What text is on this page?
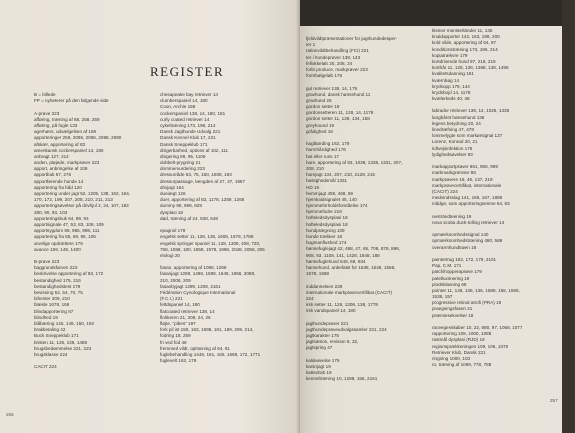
REGISTER
B = billede
FP = nyheterer på den følgende side
A-prøve 223
afføring, træning af 68, 258, 259
afføring, på fugle 133
agerhøns, udvælgelsen af 169
apporteringer 259, 2096, 2096, 2098, 2080
afskær, apportering af 83
amerikansk cockerspaniel 14, 180
anbragt 127, 214
anden, pløjede, markprøver 223
apport, anbringelse af 109
apportbuk 57, 276
apportførende hunde 14
apportering fra båd 120
apportering under jagt 52, 1205, 138, 162, 164,
170, 172, 199, 207, 208, 210, 211, 213
apporteringsøvelser på drivhjul 2, 24, 107, 183
280, 90, 93, 103
apporteringsbuk 64, 89, 94
apportsignale 47, 53, 83, 108, 109
apportsygdom 98, 985, 998, 111
apportering fra 65, 69, 95, 106
arvelige opdrættere 179
avance 159, 149, 1400
B-prøve 223
baggrundsfarven 223
beskrivelse apportering af 83, 172
bestandighed 175, 216
bestandighedstest 179
bevisning 52, 54, 70, 75
bihenter 209, 210
blæsle 1678, 168
blindapportering 87
blindhed 19
blåbæring 145, 149, 150, 192
brakbetaling 42
Buck Sneppeklub 171
bristen 11, 128, 136, 1488
brugsbedømmelse 221, 223
brugsklasse 224
CACIT 224
chesapeake bay retriever 14
clumberspaniel 14, 180
Coon, Archie 158
cockerspaniel 138, 14, 180, 181
curly coated retriever 14
cykeltræning 173, 196, 214
Dansk Jagthunde Udvalg 221
Dansk Kennel Klub 17, 221
Dansk Sneppeklub 171
dirigerbarhed, options af 102, 111
dirigering 89, 95, 1109
dobbelt-prygning 21
dommervurdering 223
dressurråde 63, 75, 160, 1608, 193
dressurpassage, længden af 27, 37, 1967
drivjagt 154
dueiægt 126
duer, apportering af 83, 1178, 1259, 1268
dummy 68, 698, 828
dysplasi 18
død, træning af 24, 638, 648
epagnol 179
engelsk setter 11, 128, 136, 1608, 1678, 1788
engelsk springer spaniel 11, 128, 1308, 408, 720,
758, 1088, 180, 1858, 1978, 1998, 2048, 2058, 206
etologi 20
fasan, apportering af 1088, 1299
fasanjagt 1298, 1488, 1598, 1648, 1658, 2088,
210, 2008, 209
fasanbyjagt 1299, 1208, 2161
Fédération Cynologique International
(F.C.I.) 221
feltdspaniel 14, 180
flatcoated retriever 138, 14
flokkeren 21, 208, 24, 26
fløjte, "pibes" 197
fork pil ist 150, 163, 1698, 181, 189, 209, 214,
fodring 18, 259
fri ved fod 48
fremmed vildt, optræning af 64, 81
fuglebehandling 1448, 161, 165, 1698, 172, 1771
fuglevelt 162, 179
256
fjeldvildtpræsentationer for jagthundedesper-
ter 1
rationvildtbehandling (FCI) 221
ter i hundeprøver 138, 143
fellokkeløb 20, 208, 24
forbi produce, markprøver 223
formbølgeløb 176
gul retriever 138, 14, 179
gravhund, dansk hønsehund 11
gravhund 26
gordon setter 18
gordonsetteren 11, 128, 14, 1178
gordon setter 11, 128, 134, 158
greyhound 19
grådighed 18
haglbørding 162, 179
harmhårdighed 176
hat eller runs 17
hare, apportering af 83, 1038, 1338, 1331, 207,
208, 210
harejagt 134, 207, 210, 2128, 215
hastighedsmål 1331
HD 18
hemmjagt 459, 468, 69
hjemkaldsignalet 45, 140
hjemmeforholdsforståelse 174
hjemmefodre 218
hofteledsdysplasi 18
hofteledsdysplasi 18
hundprægning 109
hunde trækker 18
hugmanflushed 174
hønsefuglejagt 42, 468, 47, 65, 708, 878, 898,
908, 93, 1108, 141, 1428, 1848, 188
hønsefuglehuvd 648, 68, 834
hønsehund, anbefalet for 1538, 1548, 1558,
1578, 1588
inddannelsen 239
internationale markprøvecertifikat (CACIT)
224
irsk setter 11, 128, 1308, 138, 1778
irsk vandspaniel 14, 180
jagthundeprøver 221
jagthundeprøveudvalgssamler 221, 224
jagtkarakter 175
jagtsæson, revision 6, 32,
jagtspring 47
kaldeøvelse 179
kaninjagt 19
kattedrab 19
kenneltræning 10, 1299, 156, 2161
kleiner münsterländer 11, 136
knaldapporter 142, 163, 199, 200
kold vilde, apportering af 64, 87
konditionstræning 173, 196, 214
kopiatrækvre 179
kortdrivende hund 97, 219, 219
korthår 11, 128, 136, 1368, 138, 1498
kvalitetsdanning 161
kværnbøg 14
krydsopp 179, 144
krydsbojd 14, 1178
kvælerkeds 40, 48
labrador retriever 138, 14, 1028, 1338
langhåret hønsehund 136
legens betydning 20, 24
linedræfning 47, 478
lommelygte som markørsignal 127
Lorenz, Konrad 20, 21
luftvejsinfektion 176
lydighedsøvelser 93
markapportprøver 961, 958, 999
markmarkgrænser 86
markprøvere 18, 46, 137, 219
markprøvecertifikat, internationale
(CACIT) 224
medvindsslag 141, 165, 167, 1888
mådge, som apporteringsemne 64, 83
nesträndteening 19
nova scotia duck-tolling retriever 14
opmærksomhedssignal 140
opmærksomhedstræning 480, 588
overarmhundtrøen 18
paintertrug 162, 172, 179, 2101
Pap, C.M. 171
patchihopperaprøve 179
patelluxsnering 19
pindeklasning 68
pointer 11, 128, 138, 136, 1588, 158, 1598,
1538, 157
progressive retinal atrofi (PRA) 19
praegningsfasen 21
præmiesekvelser 18
raceegenskaber 10, 22, 880, 97, 1068, 1077
rapportering 109, 1000, 1088
rastmål dysplasi (RJD) 19
regionsprækkeningen 109, 106, 1078
Retriever Klub, Dansk 221
ringning 1000, 103
ro, træning af 1069, 778, 788
257
